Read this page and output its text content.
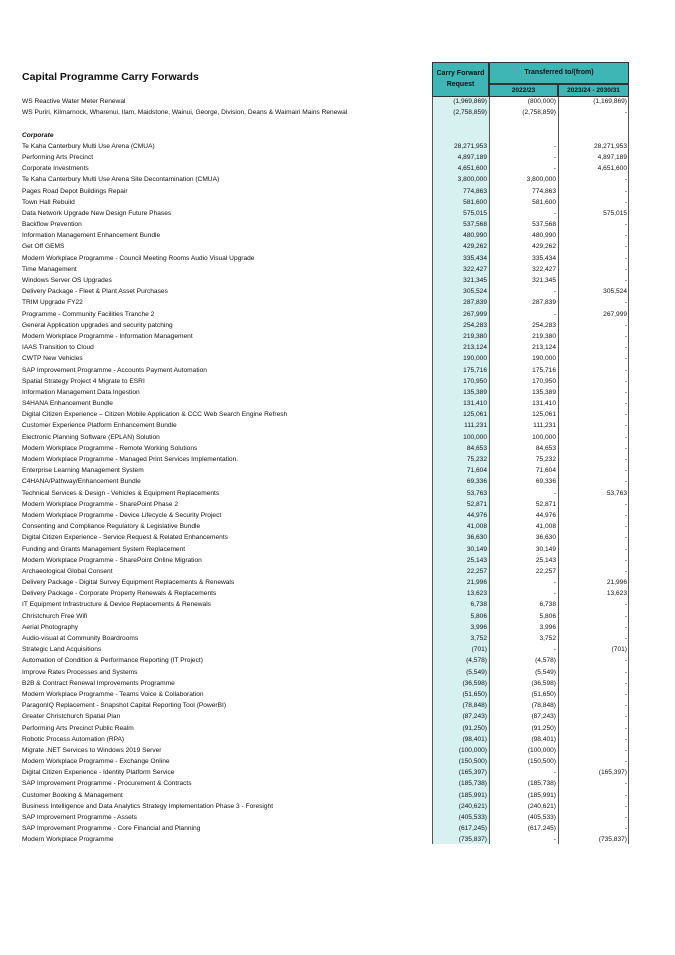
Capital Programme Carry Forwards	Carry Forward Request
Transferred to/(from)
2022/23	2023/24 - 2030/31
WS Reactive Water Meter Renewal	(1,969,869)	(800,000)	(1,169,869)
WS Puriri, Kilmarnock, Wharenui, Ilam, Maidstone, Wainui, George, Division, Deans & Waimairi Mains Renewal	(2,758,859)	(2,758,859)	-
Corporate
Te Kaha Canterbury Multi Use Arena (CMUA)	28,271,953	-	28,271,953
Performing Arts Precinct	4,897,189	-	4,897,189
Corporate Investments	4,651,600	-	4,651,600
Te Kaha Canterbury Multi Use Arena Site Decontamination (CMUA)	3,800,000	3,800,000	-
Pages Road Depot Buildings Repair	774,863	774,863	-
Town Hall Rebuild	581,600	581,600	-
Data Network Upgrade New Design Future Phases	575,015	-	575,015
Backflow Prevention	537,568	537,568	-
Information Management Enhancement Bundle	480,990	480,990	-
Get Off GEMS	429,262	429,262	-
Modern Workplace Programme - Council Meeting Rooms Audio Visual Upgrade	335,434	335,434	-
Time Management	322,427	322,427	-
Windows Server OS Upgrades	321,345	321,345	-
Delivery Package - Fleet & Plant Asset Purchases	305,524	-	305,524
TRIM Upgrade FY22	287,839	287,839	-
Programme - Community Facilities Tranche 2	267,999	-	267,999
General Application upgrades and security patching	254,283	254,283	-
Modern Workplace Programme - Information Management	219,380	219,380	-
IAAS Transition to Cloud	213,124	213,124	-
CWTP New Vehicles	190,000	190,000	-
SAP Improvement Programme - Accounts Payment Automation	175,716	175,716	-
Spatial Strategy Project 4 Migrate to ESRI	170,950	170,950	-
Information Management Data Ingestion	135,389	135,389	-
S4HANA Enhancement Bundle	131,410	131,410	-
Digital Citizen Experience – Citizen Mobile Application & CCC Web Search Engine Refresh	125,061	125,061	-
Customer Experience Platform Enhancement Bundle	111,231	111,231	-
Electronic Planning Software (EPLAN) Solution	100,000	100,000	-
Modern Workplace Programme - Remote Working Solutions	84,653	84,653	-
Modern Workplace Programme - Managed Print Services Implementation.	75,232	75,232	-
Enterprise Learning Management System	71,604	71,604	-
C4HANA/Pathway/Enhancement Bundle	69,336	69,336	-
Technical Services & Design - Vehicles & Equipment Replacements	53,763	-	53,763
Modern Workplace Programme - SharePoint Phase 2	52,871	52,871	-
Modern Workplace Programme - Device Lifecycle & Security Project	44,976	44,976	-
Consenting and Compliance Regulatory & Legislative Bundle	41,008	41,008	-
Digital Citizen Experience - Service Request & Related Enhancements	36,630	36,630	-
Funding and Grants Management System Replacement	30,149	30,149	-
Modern Workplace Programme - SharePoint Online Migration	25,143	25,143	-
Archaeological Global Consent	22,257	22,257	-
Delivery Package - Digital Survey Equipment Replacements & Renewals	21,996	-	21,996
Delivery Package - Corporate Property Renewals & Replacements	13,623	-	13,623
IT Equipment Infrastructure & Device Replacements & Renewals	6,738	6,738	-
Christchurch Free Wifi	5,806	5,806	-
Aerial Photography	3,996	3,996	-
Audio-visual at Community Boardrooms	3,752	3,752	-
Strategic Land Acquisitions	(701)	-	(701)
Automation of Condition & Performance Reporting (IT Project)	(4,578)	(4,578)	-
Improve Rates Processes and Systems	(5,549)	(5,549)	-
B2B & Contract Renewal Improvements Programme	(36,598)	(36,598)	-
Modern Workplace Programme - Teams Voice & Collaboration	(51,650)	(51,650)	-
ParagonIQ Replacement - Snapshot Capital Reporting Tool (PowerBI)	(78,848)	(78,848)	-
Greater Christchurch Spatial Plan	(87,243)	(87,243)	-
Performing Arts Precinct Public Realm	(91,250)	(91,250)	-
Robotic Process Automation (RPA)	(98,401)	(98,401)	-
Migrate .NET Services to Windows 2019 Server	(100,000)	(100,000)	-
Modern Workplace Programme - Exchange Online	(150,500)	(150,500)	-
Digital Citizen Experience - Identity Platform Service	(165,397)	-	(165,397)
SAP Improvement Programme - Procurement & Contracts	(185,738)	(185,738)	-
Customer Booking & Management	(185,991)	(185,991)	-
Business Intelligence and Data Analytics Strategy Implementation Phase 3 - Foresight	(240,621)	(240,621)	-
SAP Improvement Programme - Assets	(405,533)	(405,533)	-
SAP Improvement Programme - Core Financial and Planning	(617,245)	(617,245)	-
Modern Workplace Programme	(735,837)	-	(735,837)
